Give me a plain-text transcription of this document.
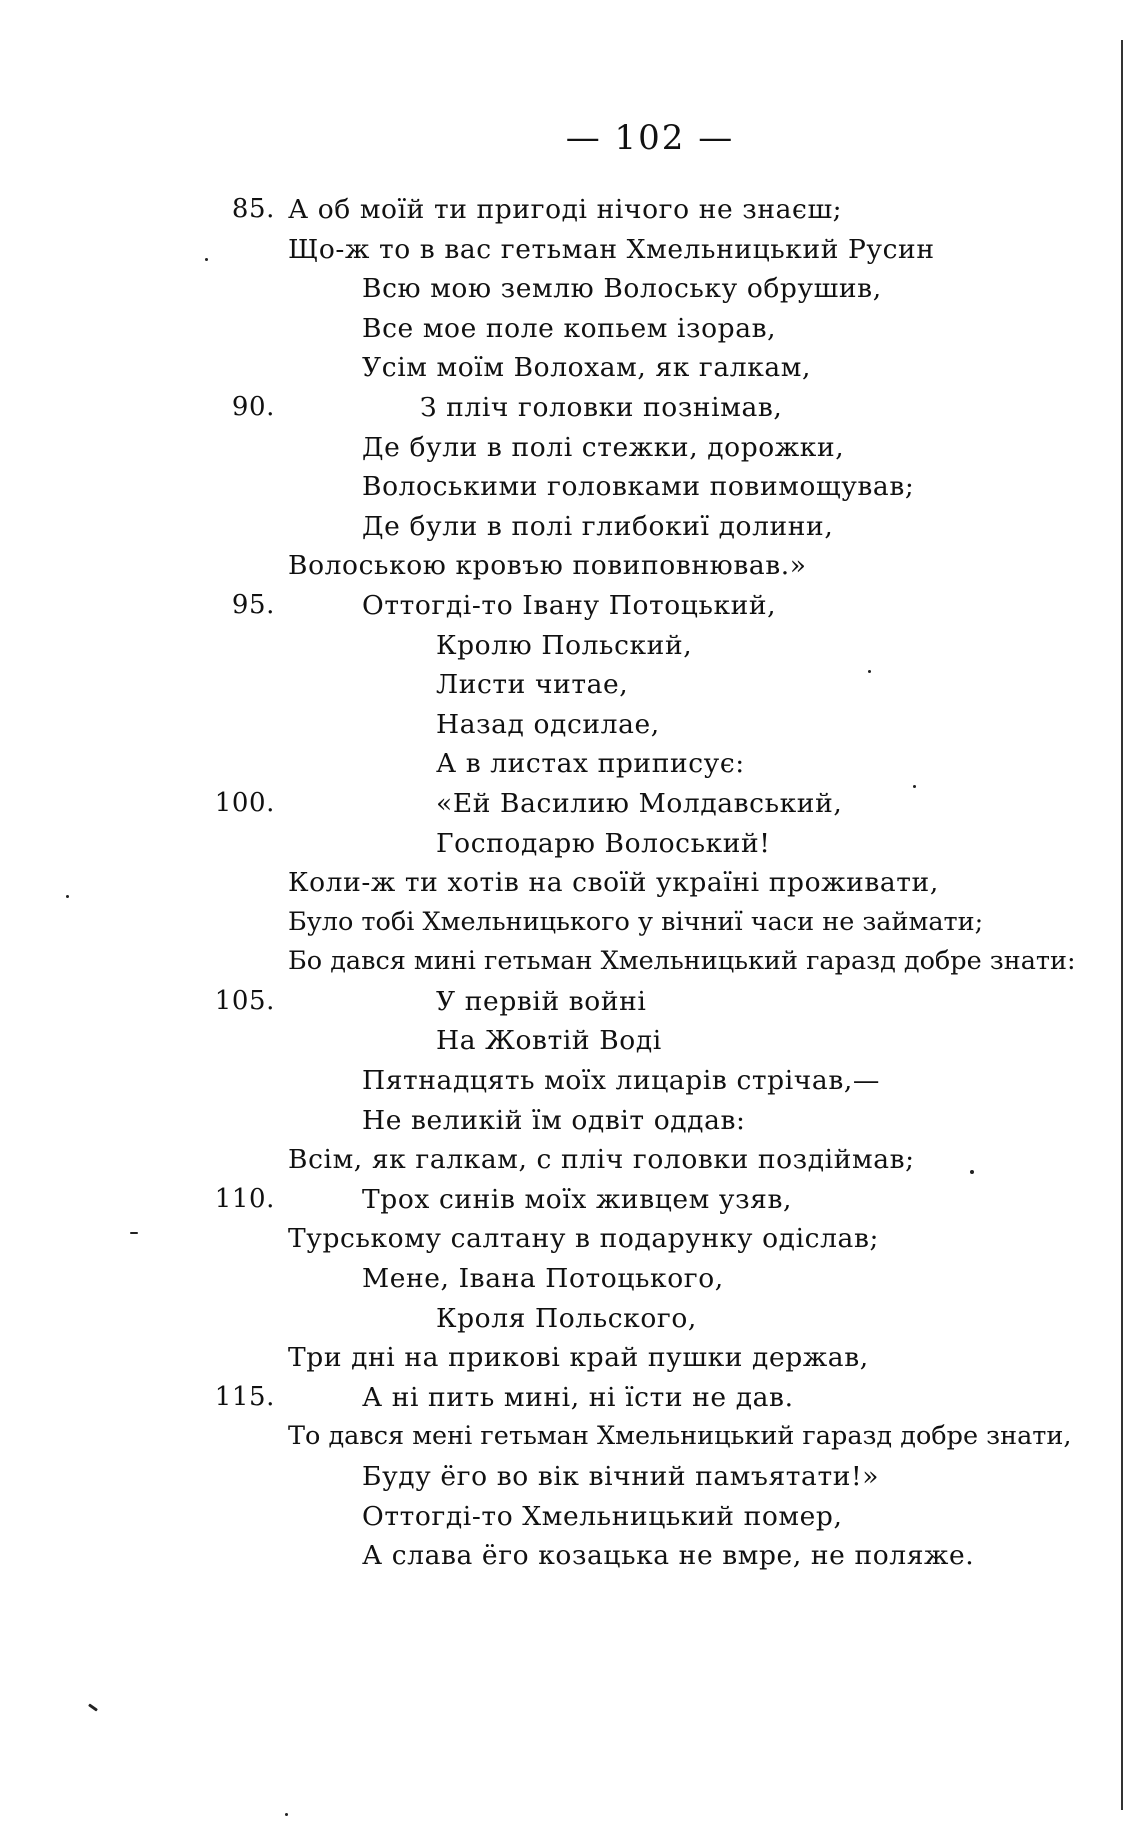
— 102 —
85. А об моїй ти пригоді нічого не знаєш;
Що-ж то в вас гетьман Хмельницький Русин
Всю мою землю Волоську обрушив,
Все мое поле копьем ізорав,
Усім моїм Волохам, як галкам,
90.	З пліч головки познімав,
Де були в полі стежки, дорожки,
Волоськими головками повимощував;
Де були в полі глибокиї долини,
Волоською кровъю повиповнював.»
95.	Оттогді-то Івану Потоцький,
Кролю Польский,
Листи читае,
Назад одсилае,
А в листах приписує:
100.	«Ей Василию Молдавський,
Господарю Волоський!
Коли-ж ти хотів на своїй украïнi проживати,
Було тобі Хмельницького у вічниї часи не займати;
Бо дався мині гетьман Хмельницький гаразд добре знати:
105.	У первій войні
На Жовтій Воді
Пятнадцять моїх лицарів стрічав,—
Не великій їм одвіт оддав:
Всім, як галкам, с пліч головки поздіймав;
110.	Трох синів моїх живцем узяв,
Турському салтану в подарунку одіслав;
Мене, Івана Потоцького,
Кроля Польского,
Три дні на прикові край пушки держав,
115.	А ні пить мині, ні їсти не дав.
То дався мені гетьман Хмельницький гаразд добре знати,
Буду ёго во вік вічний памъятати!»
Оттогді-то Хмельницький помер,
А слава ёго козацька не вмре, не поляже.
